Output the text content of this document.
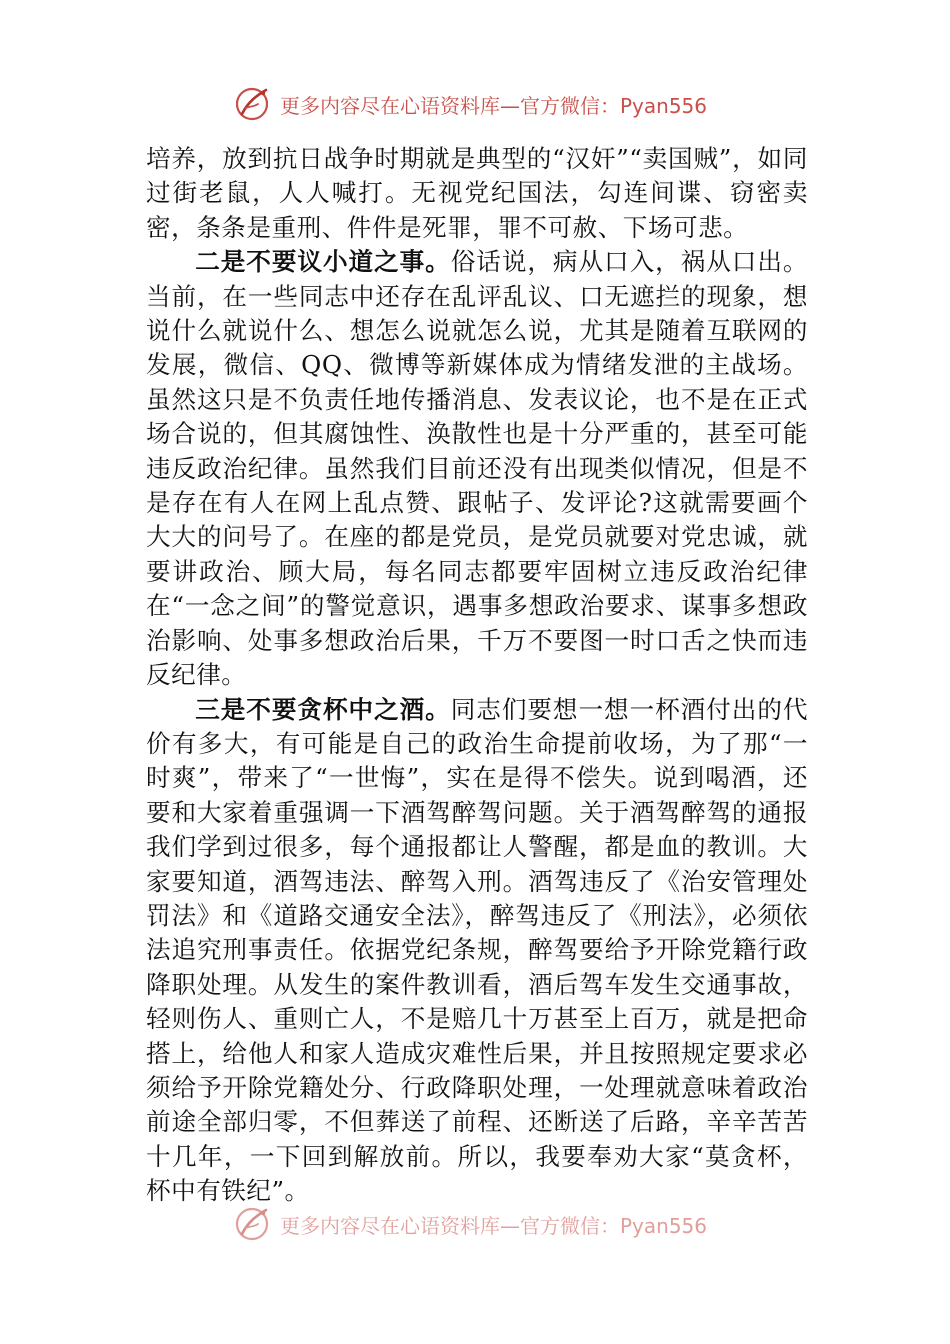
更多内容尽在心语资料库—官方微信：Pyan556

培养，放到抗日战争时期就是典型的“汉奸”“卖国贼”，如同过街老鼠，人人喊打。无视党纪国法，勾连间谍、窃密卖密，条条是重刑、件件是死罪，罪不可赦、下场可悲。

二是不要议小道之事。俗话说，病从口入，祸从口出。当前，在一些同志中还存在乱评乱议、口无遮拦的现象，想说什么就说什么、想怎么说就怎么说，尤其是随着互联网的发展，微信、QQ、微博等新媒体成为情绪发泄的主战场。虽然这只是不负责任地传播消息、发表议论，也不是在正式场合说的，但其腐蚀性、涣散性也是十分严重的，甚至可能违反政治纪律。虽然我们目前还没有出现类似情况，但是不是存在有人在网上乱点赞、跟帖子、发评论?这就需要画个大大的问号了。在座的都是党员，是党员就要对党忠诚，就要讲政治、顾大局，每名同志都要牢固树立违反政治纪律在“一念之间”的警觉意识，遇事多想政治要求、谋事多想政治影响、处事多想政治后果，千万不要图一时口舌之快而违反纪律。

三是不要贪杯中之酒。同志们要想一想一杯酒付出的代价有多大，有可能是自己的政治生命提前收场，为了那“一时爽”，带来了“一世悔”，实在是得不偿失。说到喝酒，还要和大家着重强调一下酒驾醉驾问题。关于酒驾醉驾的通报我们学到过很多，每个通报都让人警醒，都是血的教训。大家要知道，酒驾违法、醉驾入刑。酒驾违反了《治安管理处罚法》和《道路交通安全法》，醉驾违反了《刑法》，必须依法追究刑事责任。依据党纪条规，醉驾要给予开除党籍行政降职处理。从发生的案件教训看，酒后驾车发生交通事故，轻则伤人、重则亡人，不是赔几十万甚至上百万，就是把命搭上，给他人和家人造成灾难性后果，并且按照规定要求必须给予开除党籍处分、行政降职处理，一处理就意味着政治前途全部归零，不但葬送了前程、还断送了后路，辛辛苦苦十几年，一下回到解放前。所以，我要奉劝大家“莫贪杯，杯中有铁纪”。

更多内容尽在心语资料库—官方微信：Pyan556
